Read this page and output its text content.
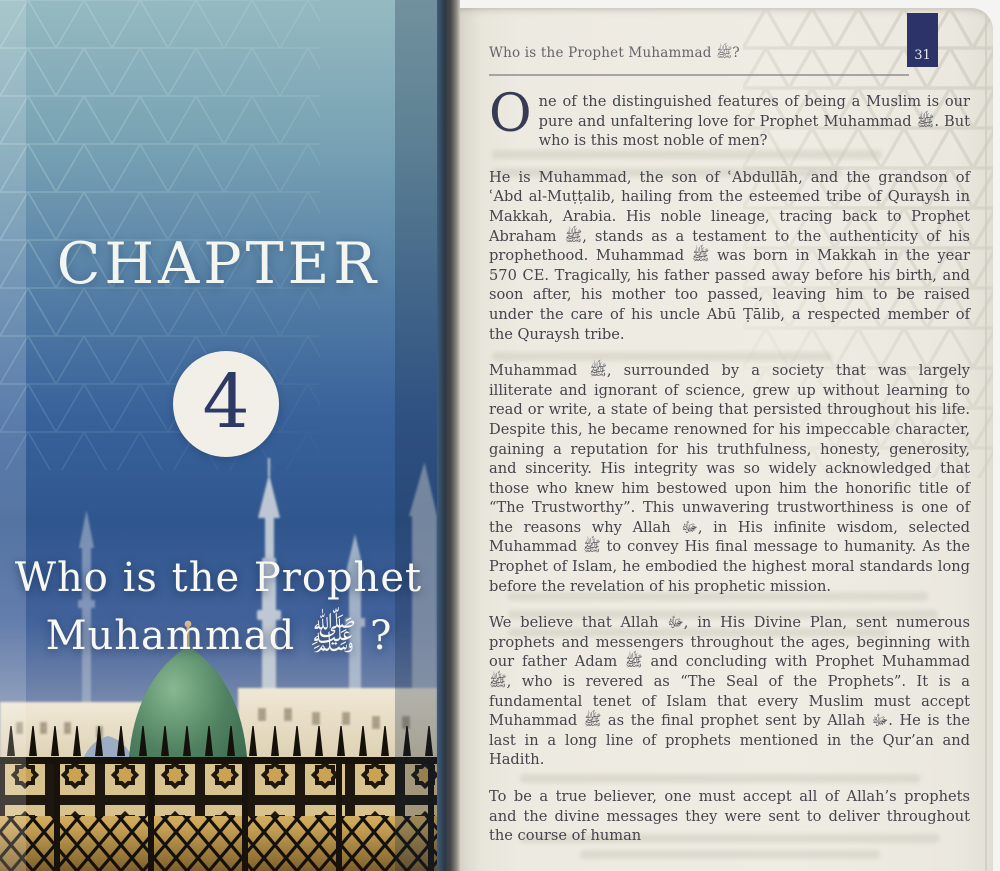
CHAPTER
4
Who is the Prophet
Muhammad ﷺ ?
Who is the Prophet Muhammad ﷺ?	31

One of the distinguished features of being a Muslim is our pure and unfaltering love for Prophet Muhammad ﷺ. But who is this most noble of men?

He is Muhammad, the son of ʿAbdullāh, and the grandson of ʿAbd al-Muṭṭalib, hailing from the esteemed tribe of Quraysh in Makkah, Arabia. His noble lineage, tracing back to Prophet Abraham ﷺ, stands as a testament to the authenticity of his prophethood. Muhammad ﷺ was born in Makkah in the year 570 CE. Tragically, his father passed away before his birth, and soon after, his mother too passed, leaving him to be raised under the care of his uncle Abū Ṭālib, a respected member of the Quraysh tribe.

Muhammad ﷺ, surrounded by a society that was largely illiterate and ignorant of science, grew up without learning to read or write, a state of being that persisted throughout his life. Despite this, he became renowned for his impeccable character, gaining a reputation for his truthfulness, honesty, generosity, and sincerity. His integrity was so widely acknowledged that those who knew him bestowed upon him the honorific title of “The Trustworthy”. This unwavering trustworthiness is one of the reasons why Allah ﷻ, in His infinite wisdom, selected Muhammad ﷺ to convey His final message to humanity. As the Prophet of Islam, he embodied the highest moral standards long before the revelation of his prophetic mission.

We believe that Allah ﷻ, in His Divine Plan, sent numerous prophets and messengers throughout the ages, beginning with our father Adam ﷺ and concluding with Prophet Muhammad ﷺ, who is revered as “The Seal of the Prophets”. It is a fundamental tenet of Islam that every Muslim must accept Muhammad ﷺ as the final prophet sent by Allah ﷻ. He is the last in a long line of prophets mentioned in the Qur’an and Hadith.

To be a true believer, one must accept all of Allah’s prophets and the divine messages they were sent to deliver throughout the course of human
